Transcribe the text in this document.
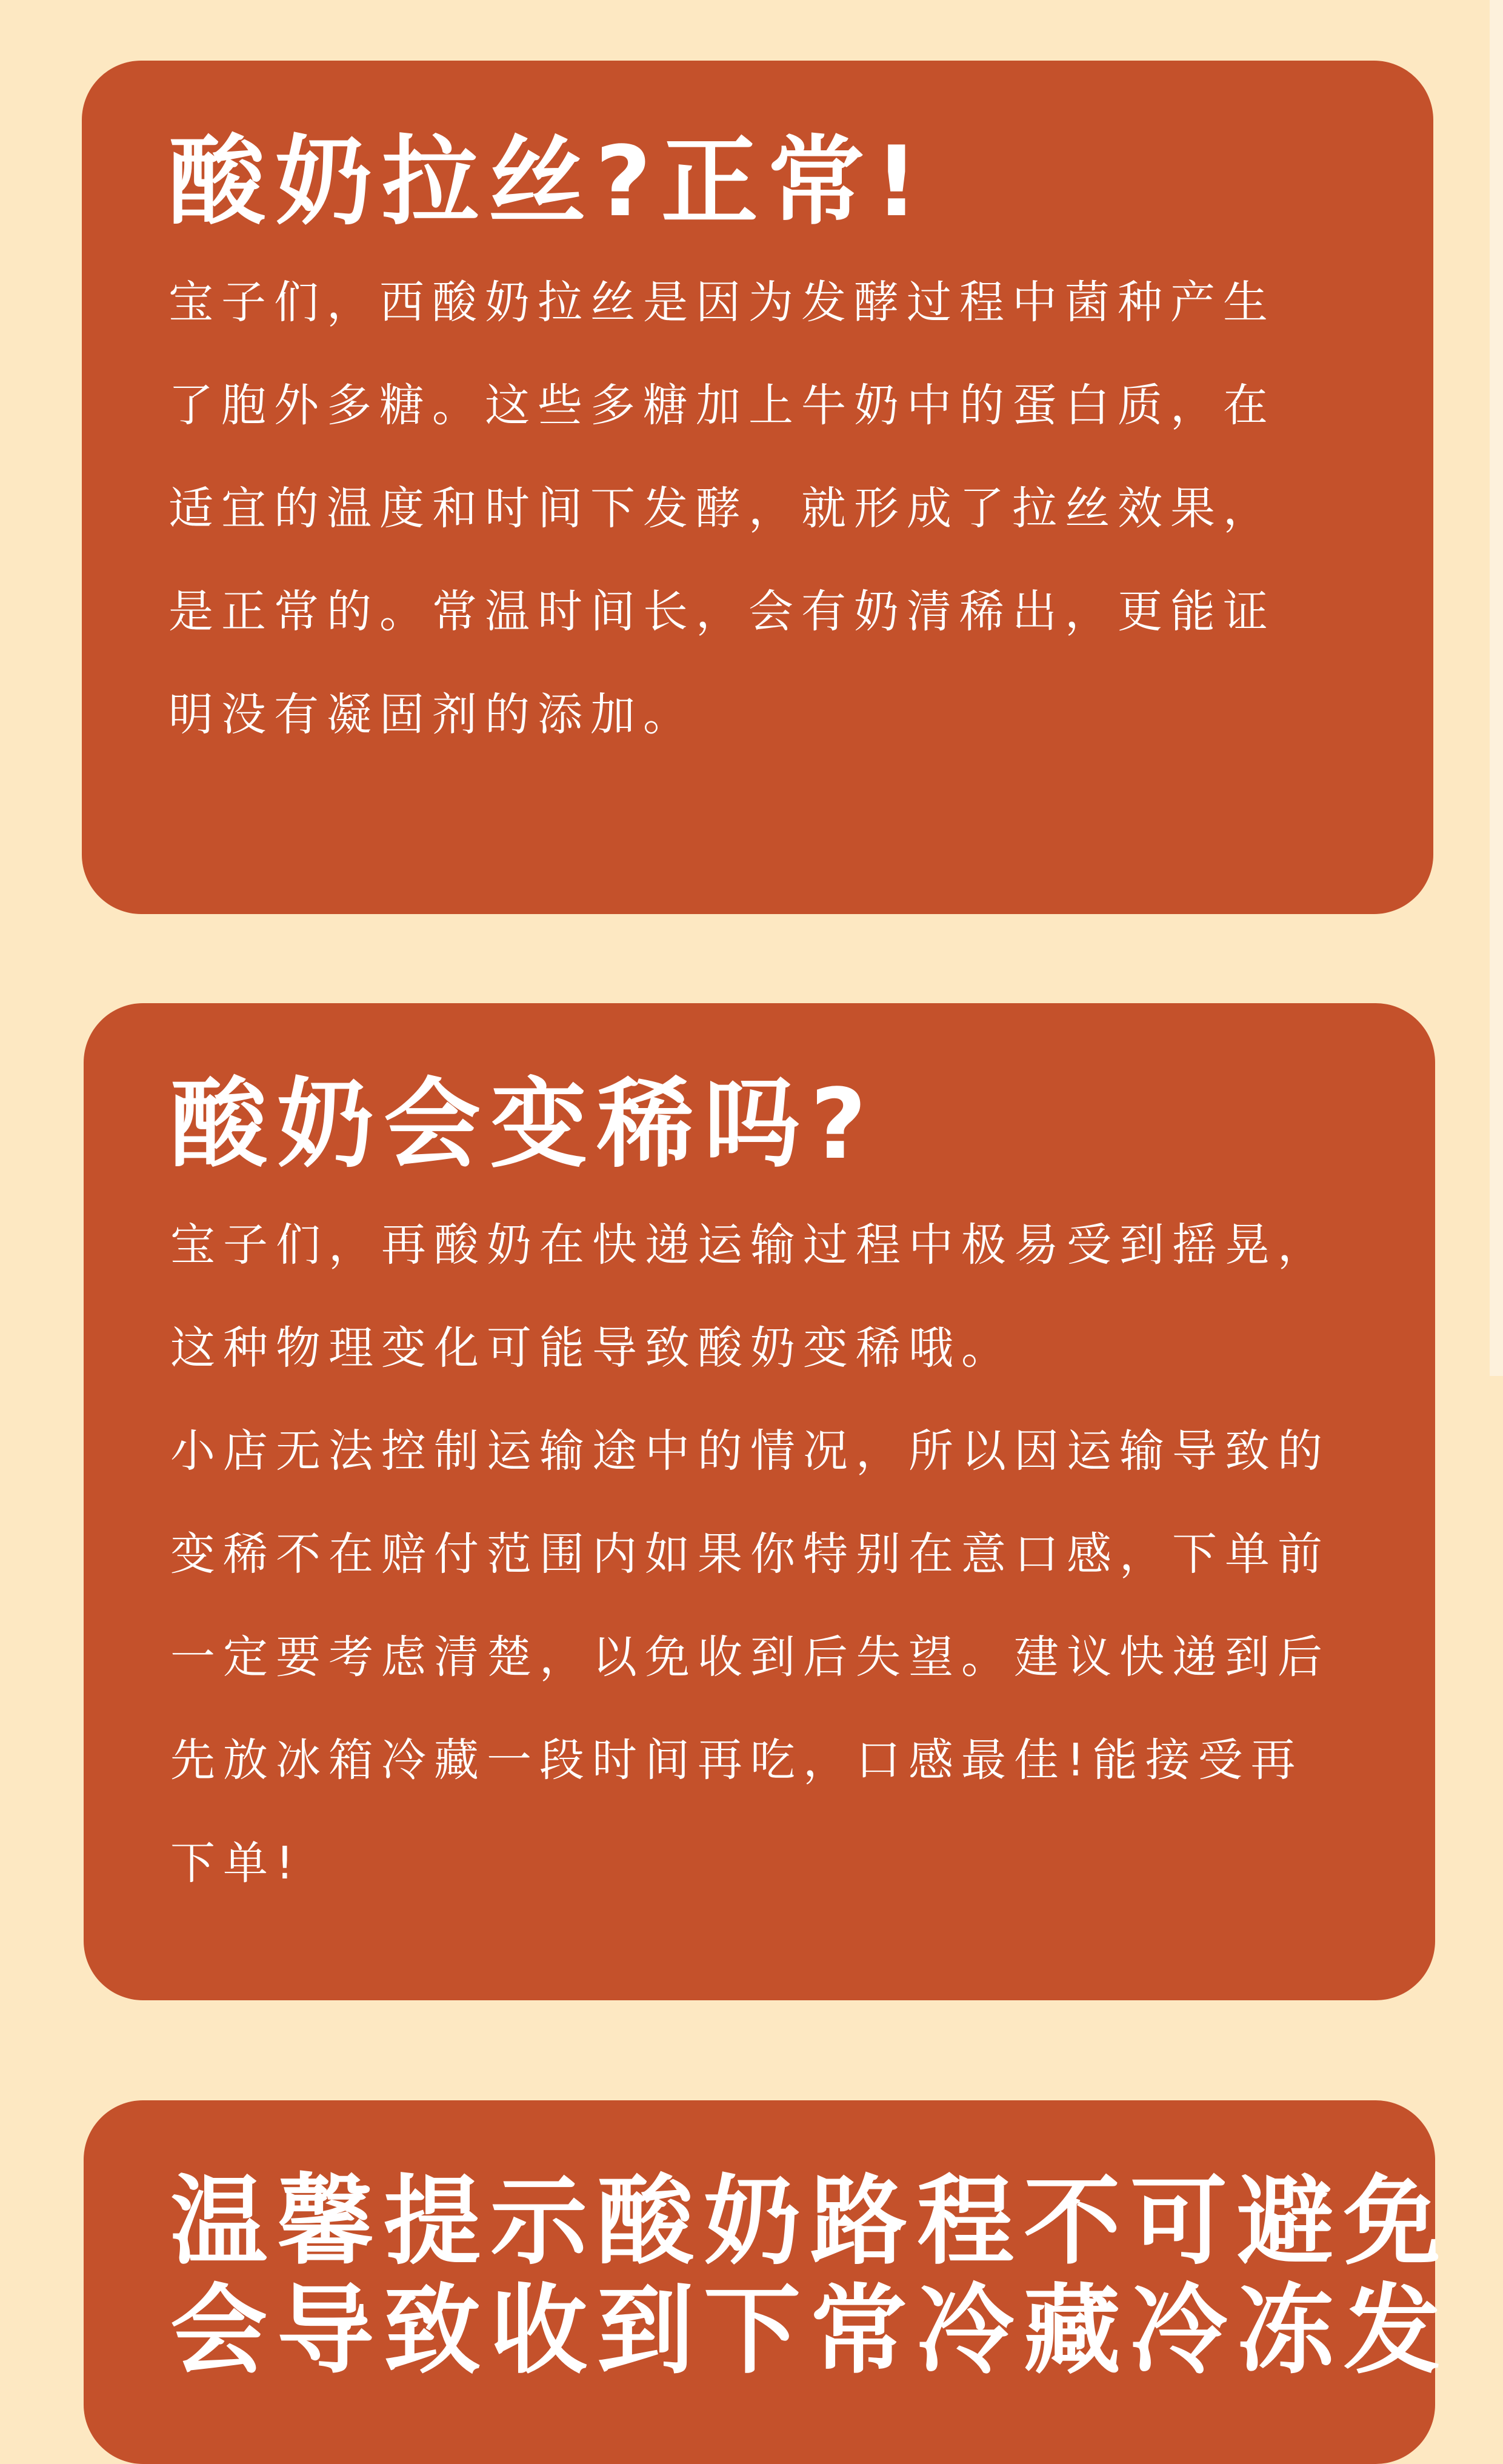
酸奶拉丝?正常!
宝子们，西酸奶拉丝是因为发酵过程中菌种产生
了胞外多糖。这些多糖加上牛奶中的蛋白质，在
适宜的温度和时间下发酵，就形成了拉丝效果，
是正常的。常温时间长，会有奶清稀出，更能证
明没有凝固剂的添加。
酸奶会变稀吗?
宝子们，再酸奶在快递运输过程中极易受到摇晃，
这种物理变化可能导致酸奶变稀哦。
小店无法控制运输途中的情况，所以因运输导致的
变稀不在赔付范围内如果你特别在意口感，下单前
一定要考虑清楚，以免收到后失望。建议快递到后
先放冰箱冷藏一段时间再吃，口感最佳!能接受再
下单!
温馨提示酸奶路程不可避免
会导致收到下常冷藏冷冻发
